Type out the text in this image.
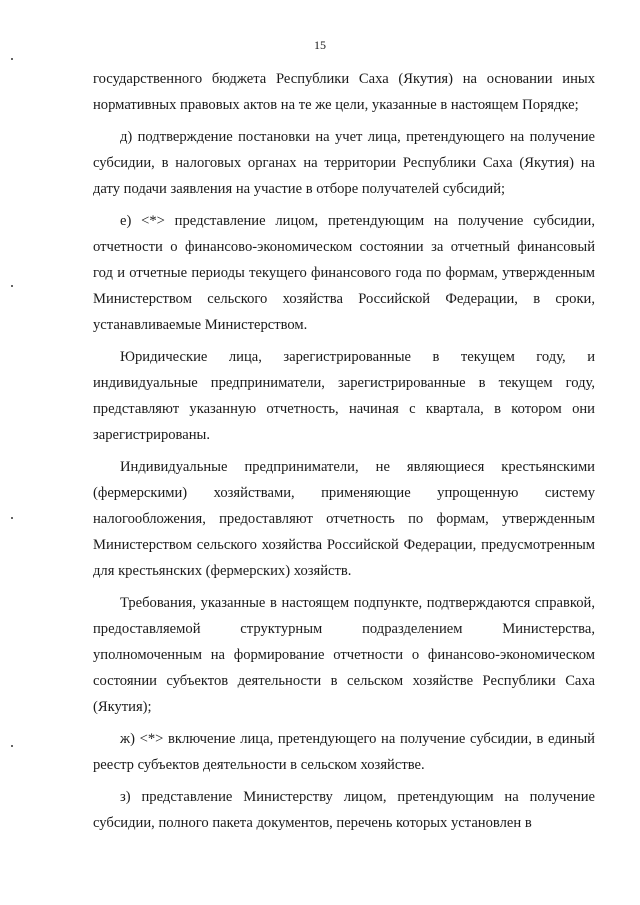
15

государственного бюджета Республики Саха (Якутия) на основании иных нормативных правовых актов на те же цели, указанные в настоящем Порядке;

д) подтверждение постановки на учет лица, претендующего на получение субсидии, в налоговых органах на территории Республики Саха (Якутия) на дату подачи заявления на участие в отборе получателей субсидий;

е) <*> представление лицом, претендующим на получение субсидии, отчетности о финансово-экономическом состоянии за отчетный финансовый год и отчетные периоды текущего финансового года по формам, утвержденным Министерством сельского хозяйства Российской Федерации, в сроки, устанавливаемые Министерством.

Юридические лица, зарегистрированные в текущем году, и индивидуальные предприниматели, зарегистрированные в текущем году, представляют указанную отчетность, начиная с квартала, в котором они зарегистрированы.

Индивидуальные предприниматели, не являющиеся крестьянскими (фермерскими) хозяйствами, применяющие упрощенную систему налогообложения, предоставляют отчетность по формам, утвержденным Министерством сельского хозяйства Российской Федерации, предусмотренным для крестьянских (фермерских) хозяйств.

Требования, указанные в настоящем подпункте, подтверждаются справкой, предоставляемой структурным подразделением Министерства, уполномоченным на формирование отчетности о финансово-экономическом состоянии субъектов деятельности в сельском хозяйстве Республики Саха (Якутия);

ж) <*> включение лица, претендующего на получение субсидии, в единый реестр субъектов деятельности в сельском хозяйстве.

з) представление Министерству лицом, претендующим на получение субсидии, полного пакета документов, перечень которых установлен в
